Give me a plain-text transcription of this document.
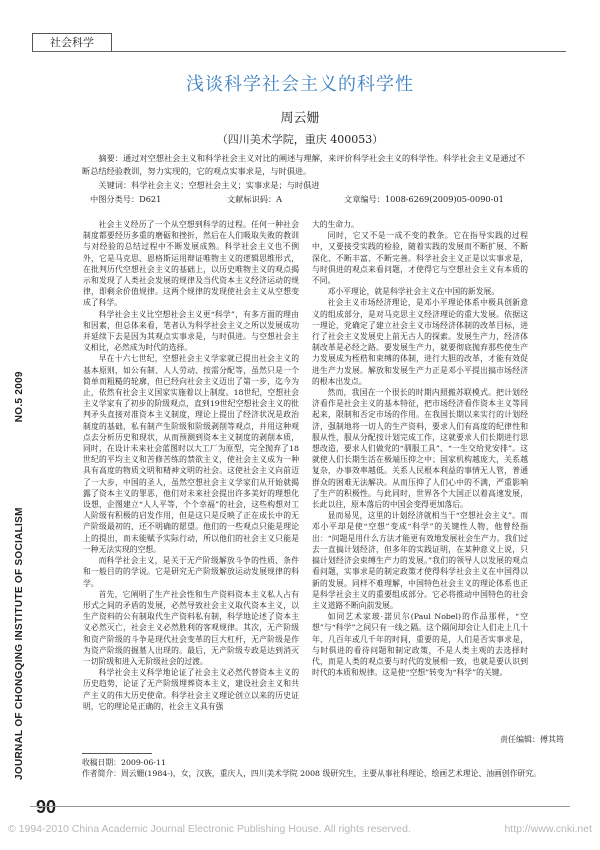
社会科学
浅谈科学社会主义的科学性
周云姗
（四川美术学院，重庆 400053）
摘要：通过对空想社会主义和科学社会主义对比的阐述与理解，来评价科学社会主义的科学性。科学社会主义是通过不断总结经验教训，努力实现的，它的观点实事求是，与时俱进。
关键词：科学社会主义；空想社会主义；实事求是；与时俱进
中图分类号：D621	文献标识码：A	文章编号：1008-6269(2009)05-0090-01
JOURNAL OF CHONGQING INSTITUTE OF SOCIALISMNO.5 2009

社会主义经历了一个从空想到科学的过程。任何一种社会制度都要经历多重的磨砺和挫折，然后在人们吸取失败的教训与对经验的总结过程中不断发展成熟。科学社会主义也不例外，它是马克思、恩格斯运用辩证唯物主义的逻辑思维形式，在批判历代空想社会主义的基础上，以历史唯物主义的观点揭示和发现了人类社会发展的规律及当代资本主义经济运动的规律，即剩余价值规律。这两个规律的发现使社会主义从空想变成了科学。

科学社会主义比空想社会主义更“科学”，有多方面的理由和因素，但总体来看，笔者认为科学社会主义之所以发展成功并延续下去是因为其观点实事求是，与时俱进。与空想社会主义相比，必然成为时代的选择。

早在十六七世纪，空想社会主义学家就已提出社会主义的基本原则，如公有制、人人劳动、按需分配等，虽然只是一个简单而粗糙的轮廓，但已经向社会主义迈出了第一步，迄今为止，依然有社会主义国家实施着以上制度。18世纪，空想社会主义学家有了初步的阶级观点，直到19世纪空想社会主义的批判矛头直接对准资本主义制度，理论上提出了经济状况是政治制度的基础，私有制产生阶级和阶级剥削等观点，并用这种观点去分析历史和现状，从而预测到资本主义制度的剥削本质，同时，在设计未来社会蓝图时以大工厂为原型，完全抛弃了18世纪的平均主义和苦修苦练的禁欲主义，使社会主义成为一种具有高度的物质文明和精神文明的社会。这使社会主义向前迈了一大步，中国的圣人，虽然空想社会主义学家们从开始就揭露了资本主义的罪恶，他们对未来社会提出许多美好的理想化设想，企图建立“人人平等，个个幸福”的社会，这些构想对工人阶级有积极的启发作用，但是这只是反映了正在成长中的无产阶级最初的、还不明确的愿望。他们的一些观点只能是理论上的提出，而未能赋予实际行动，所以他们的社会主义只能是一种无法实现的空想。

而科学社会主义，是关于无产阶级解放斗争的性质、条件和一般目的的学说。它是研究无产阶级解放运动发展规律的科学。

首先，它阐明了生产社会性和生产资料资本主义私人占有形式之间的矛盾的发展，必然导致社会主义取代资本主义，以生产资料的公有制取代生产资料私有制，科学地论述了资本主义必然灭亡，社会主义必然胜利的客观规律。其次，无产阶级和资产阶级的斗争是现代社会变革的巨大杠杆，无产阶级是作为资产阶级的掘墓人出现的。最后，无产阶级专政是达到消灭一切阶级和进入无阶级社会的过渡。

科学社会主义科学地论证了社会主义必然代替资本主义的历史趋势，论证了无产阶级埋葬资本主义，建设社会主义和共产主义的伟大历史使命。科学社会主义理论创立以来的历史证明，它的理论是正确的，社会主义具有强

大的生命力。

同时，它又不是一成不变的教条。它在指导实践的过程中，又要接受实践的检验，随着实践的发展而不断扩展、不断深化、不断丰富、不断完善。科学社会主义正是以实事求是，与时俱进的观点来看问题，才使得它与空想社会主义有本质的不同。

邓小平理论，就是科学社会主义在中国的新发展。

社会主义市场经济理论，是邓小平理论体系中极具创新意义的组成部分，是对马克思主义经济理论的重大发展。依据这一理论，党确定了建立社会主义市场经济体制的改革目标，进行了社会主义发展史上前无古人的探索。发展生产力，经济体制改革是必经之路。要发展生产力，就要彻底抛弃那些使生产力发展成为桎梏和束缚的体制，进行大胆的改革，才能有效促进生产力发展。解放和发展生产力正是邓小平提出搞市场经济的根本出发点。

然而，我国在一个很长的时期内照搬苏联模式。把计划经济看作是社会主义的基本特征，把市场经济看作资本主义等同起来，限制和否定市场的作用。在我国长期以来实行的计划经济，强制地将一切人的生产资料，要求人们有高度的纪律性和服从性，服从分配按计划完成工作，这就要求人们长期进行思想改造，要求人们做党的“驯服工具”、“一生交给党安排”。这就使人们长期生活在极端压抑之中；国家机构越庞大，关系越复杂，办事效率越低。关系人民根本利益的事情无人管，普通群众的困难无法解决。从而压抑了人们心中的不满，严重影响了生产的积极性。与此同时，世界各个大国正以着高速发展，长此以往，原本落后的中国会变得更加落后。

显而易见，这里的计划经济就相当于“空想社会主义”。而邓小平却是使“空想”变成“科学”的关键性人物，他曾经指出：“问题是用什么方法才能更有效地发展社会生产力。我们过去一直搞计划经济，但多年的实践证明，在某种意义上说，只搞计划经济会束缚生产力的发展。”我们的领导人以发展的观点看问题，实事求是的制定政策才使得科学社会主义在中国得以新的发展。同样不难理解，中国特色社会主义的理论体系也正是科学社会主义的重要组成部分。它必将推动中国特色的社会主义道路不断向前发展。

如同艺术家玻·諾贝尔(Paul Nobel)的作品那样，“空想”与“科学”之间只有一线之隔。这个隔间却会让人们走上几十年、几百年或几千年的时间，重要的是，人们是否实事求是，与时俱进的看待问题和制定政策，不是人类主观的去选择时代，而是人类的观点要与时代的发展相一致，也就是要认识到时代的本质和规律。这是使“空想”转变为“科学”的关键。

责任编辑：傅其筠
收稿日期：2009-06-11
作者简介：周云姗(1984-)，女，汉族，重庆人，四川美术学院 2008 级研究生，主要从事社科理论，绘画艺术理论、油画创作研究。
90
© 1994-2010 China Academic Journal Electronic Publishing House. All rights reserved.	http://www.cnki.net
